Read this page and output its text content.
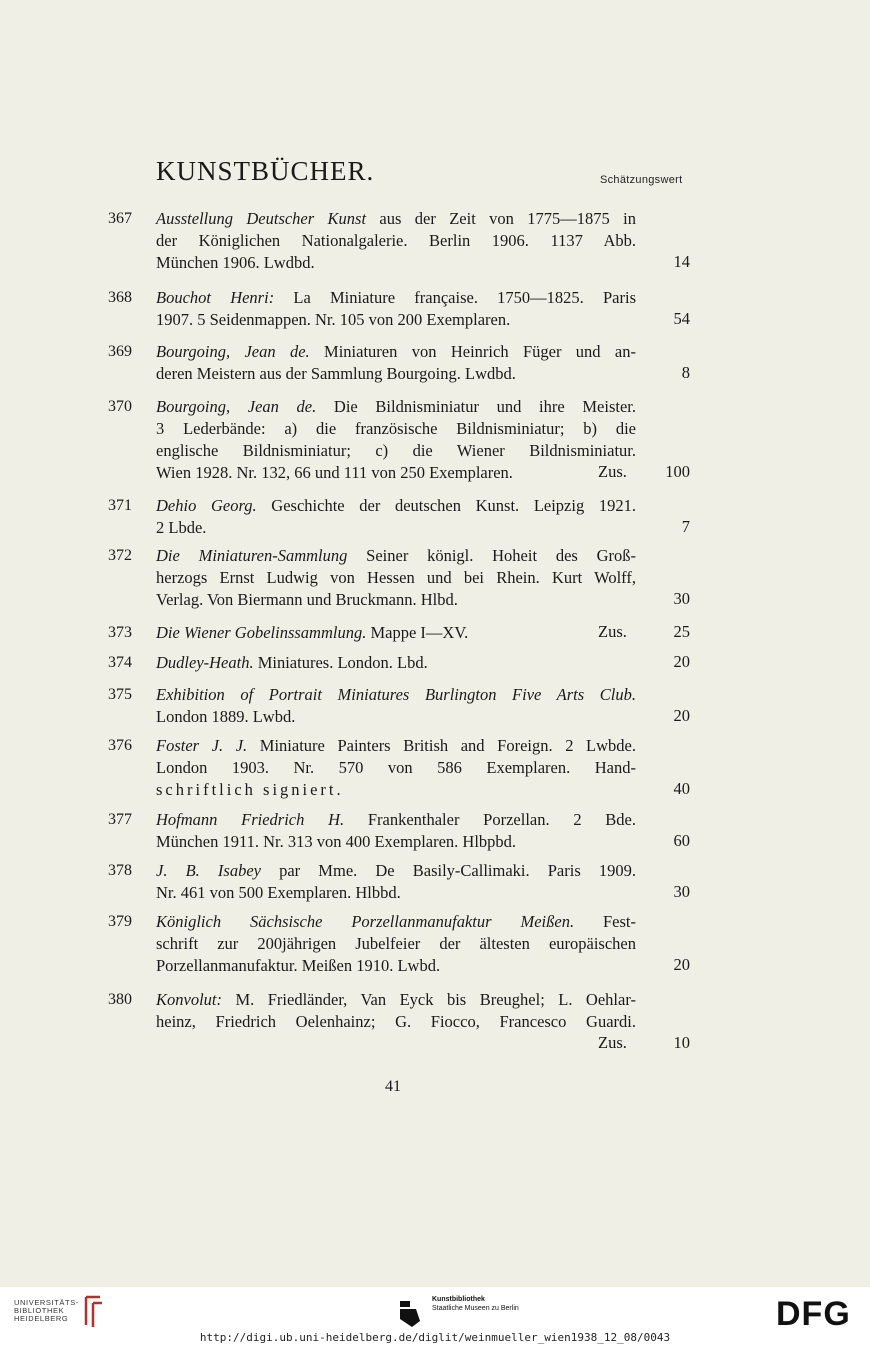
KUNSTBÜCHER.	Schätzungswert
367 Ausstellung Deutscher Kunst aus der Zeit von 1775—1875 in
der Königlichen Nationalgalerie. Berlin 1906. 1137 Abb.
München 1906. Lwdbd.	14
368 Bouchot Henri: La Miniature française. 1750—1825. Paris
1907. 5 Seidenmappen. Nr. 105 von 200 Exemplaren.	54
369 Bourgoing, Jean de. Miniaturen von Heinrich Füger und an-
deren Meistern aus der Sammlung Bourgoing. Lwdbd.	8
370 Bourgoing, Jean de. Die Bildnisminiatur und ihre Meister.
3 Lederbände: a) die französische Bildnisminiatur; b) die
englische Bildnisminiatur; c) die Wiener Bildnisminiatur.
Wien 1928. Nr. 132, 66 und 111 von 250 Exemplaren.	Zus.	100
371 Dehio Georg. Geschichte der deutschen Kunst. Leipzig 1921.
2 Lbde.	7
372 Die Miniaturen-Sammlung Seiner königl. Hoheit des Groß-
herzogs Ernst Ludwig von Hessen und bei Rhein. Kurt Wolff,
Verlag. Von Biermann und Bruckmann. Hlbd.	30
373 Die Wiener Gobelinssammlung. Mappe I—XV.	Zus.	25
374 Dudley-Heath. Miniatures. London. Lbd.	20
375 Exhibition of Portrait Miniatures Burlington Five Arts Club.
London 1889. Lwbd.	20
376 Foster J. J. Miniature Painters British and Foreign. 2 Lwbde.
London 1903. Nr. 570 von 586 Exemplaren. Hand-
schriftlich signiert.	40
377 Hofmann Friedrich H. Frankenthaler Porzellan. 2 Bde.
München 1911. Nr. 313 von 400 Exemplaren. Hlbpbd.	60
378 J. B. Isabey par Mme. De Basily-Callimaki. Paris 1909.
Nr. 461 von 500 Exemplaren. Hlbbd.	30
379 Königlich Sächsische Porzellanmanufaktur Meißen. Fest-
schrift zur 200jährigen Jubelfeier der ältesten europäischen
Porzellanmanufaktur. Meißen 1910. Lwbd.	20
380 Konvolut: M. Friedländer, Van Eyck bis Breughel; L. Oehlar-
heinz, Friedrich Oelenhainz; G. Fiocco, Francesco Guardi.

Zus.	10
41
UNIVERSITÄTS-
BIBLIOTHEK
HEIDELBERG
Kunstbibliothek
Staatliche Museen zu Berlin	DFG
http://digi.ub.uni-heidelberg.de/diglit/weinmueller_wien1938_12_08/0043
